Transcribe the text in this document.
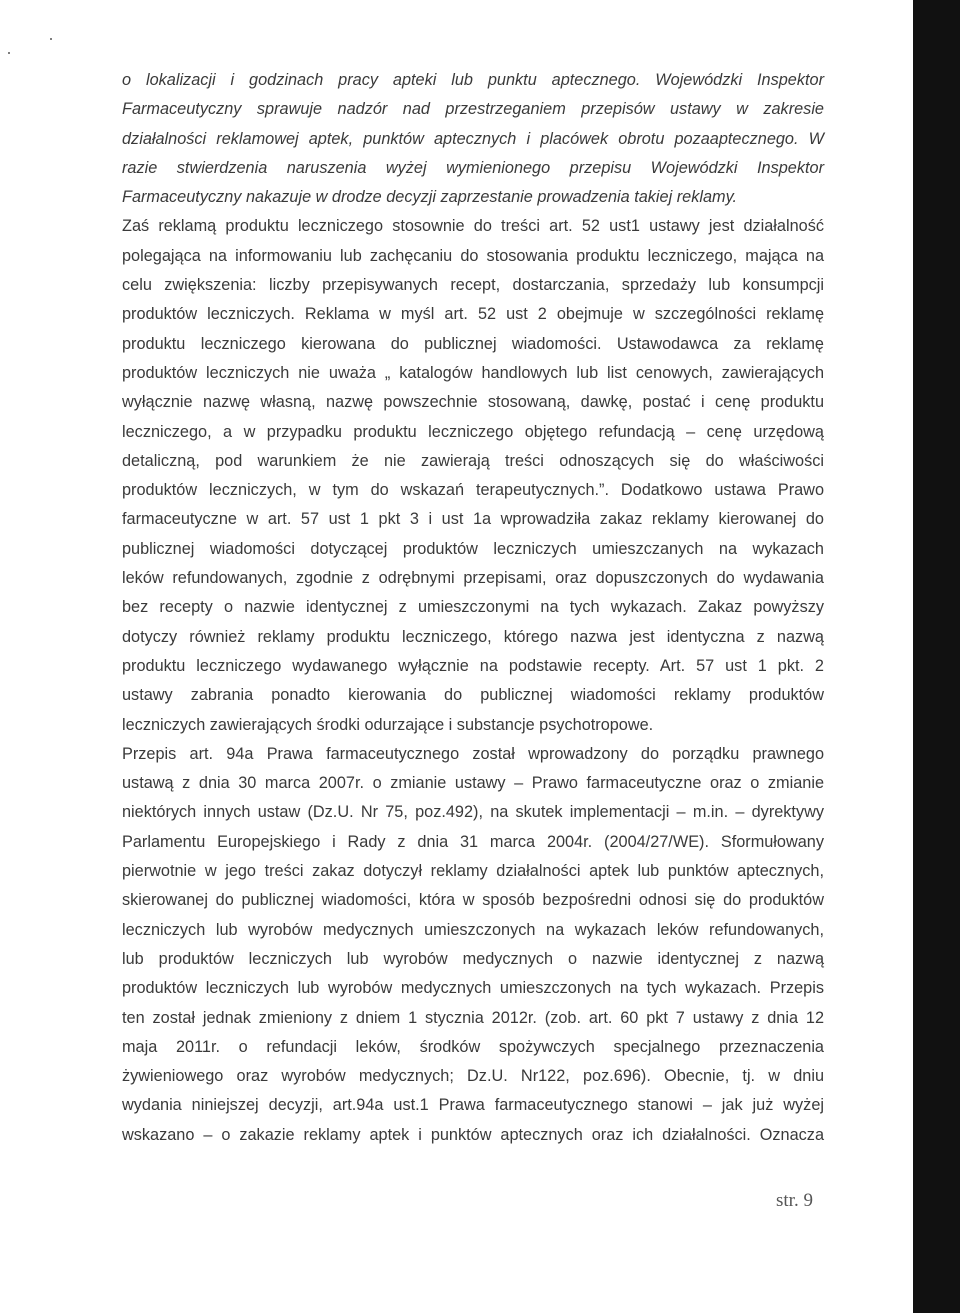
o lokalizacji i godzinach pracy apteki lub punktu aptecznego. Wojewódzki Inspektor
Farmaceutyczny sprawuje nadzór nad przestrzeganiem przepisów ustawy w zakresie
działalności reklamowej aptek, punktów aptecznych i placówek obrotu pozaaptecznego. W
razie stwierdzenia naruszenia wyżej wymienionego przepisu Wojewódzki Inspektor
Farmaceutyczny nakazuje w drodze decyzji zaprzestanie prowadzenia takiej reklamy.
Zaś reklamą produktu leczniczego stosownie do treści art. 52 ust1 ustawy jest działalność
polegająca na informowaniu lub zachęcaniu do stosowania produktu leczniczego, mająca na
celu zwiększenia: liczby przepisywanych recept, dostarczania, sprzedaży lub konsumpcji
produktów leczniczych. Reklama w myśl art. 52 ust 2 obejmuje w szczególności reklamę
produktu leczniczego kierowana do publicznej wiadomości. Ustawodawca za reklamę
produktów leczniczych nie uważa „ katalogów handlowych lub list cenowych, zawierających
wyłącznie nazwę własną, nazwę powszechnie stosowaną, dawkę, postać i cenę produktu
leczniczego, a w przypadku produktu leczniczego objętego refundacją – cenę urzędową
detaliczną, pod warunkiem że nie zawierają treści odnoszących się do właściwości
produktów leczniczych, w tym do wskazań terapeutycznych.”. Dodatkowo ustawa Prawo
farmaceutyczne w art. 57 ust 1 pkt 3 i ust 1a wprowadziła zakaz reklamy kierowanej do
publicznej wiadomości dotyczącej produktów leczniczych umieszczanych na wykazach
leków refundowanych, zgodnie z odrębnymi przepisami, oraz dopuszczonych do wydawania
bez recepty o nazwie identycznej z umieszczonymi na tych wykazach. Zakaz powyższy
dotyczy również reklamy produktu leczniczego, którego nazwa jest identyczna z nazwą
produktu leczniczego wydawanego wyłącznie na podstawie recepty. Art. 57 ust 1 pkt. 2
ustawy zabrania ponadto kierowania do publicznej wiadomości reklamy produktów
leczniczych zawierających środki odurzające i substancje psychotropowe.
Przepis art. 94a Prawa farmaceutycznego został wprowadzony do porządku prawnego
ustawą z dnia 30 marca 2007r. o zmianie ustawy – Prawo farmaceutyczne oraz o zmianie
niektórych innych ustaw (Dz.U. Nr 75, poz.492), na skutek implementacji – m.in. – dyrektywy
Parlamentu Europejskiego i Rady z dnia 31 marca 2004r. (2004/27/WE). Sformułowany
pierwotnie w jego treści zakaz dotyczył reklamy działalności aptek lub punktów aptecznych,
skierowanej do publicznej wiadomości, która w sposób bezpośredni odnosi się do produktów
leczniczych lub wyrobów medycznych umieszczonych na wykazach leków refundowanych,
lub produktów leczniczych lub wyrobów medycznych o nazwie identycznej z nazwą
produktów leczniczych lub wyrobów medycznych umieszczonych na tych wykazach. Przepis
ten został jednak zmieniony z dniem 1 stycznia 2012r. (zob. art. 60 pkt 7 ustawy z dnia 12
maja 2011r. o refundacji leków, środków spożywczych specjalnego przeznaczenia
żywieniowego oraz wyrobów medycznych; Dz.U. Nr122, poz.696). Obecnie, tj. w dniu
wydania niniejszej decyzji, art.94a ust.1 Prawa farmaceutycznego stanowi – jak już wyżej
wskazano – o zakazie reklamy aptek i punktów aptecznych oraz ich działalności. Oznacza
str. 9
